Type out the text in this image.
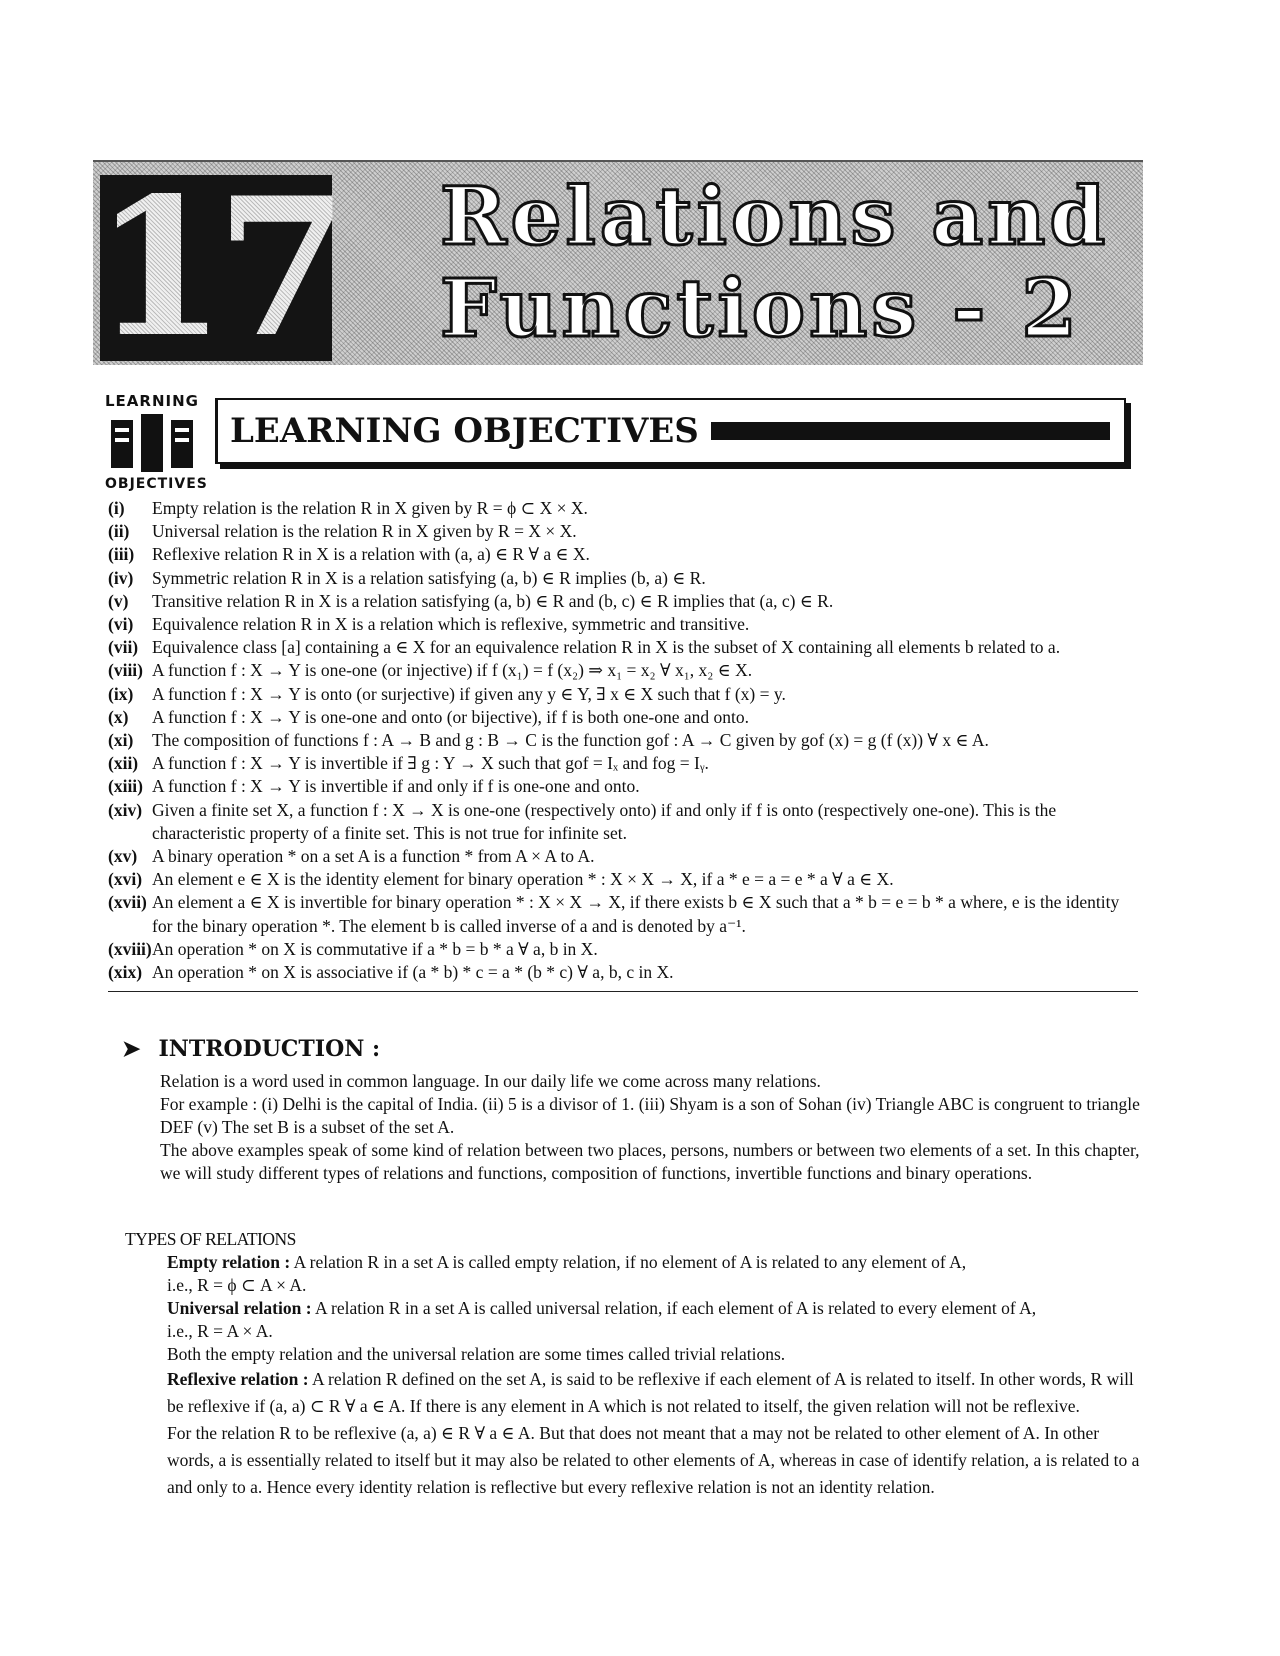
17 Relations and
Functions - 2
LEARNING
OBJECTIVES
LEARNING OBJECTIVES
(i) Empty relation is the relation R in X given by R = ϕ ⊂ X × X.
(ii) Universal relation is the relation R in X given by R = X × X.
(iii) Reflexive relation R in X is a relation with (a, a) ∈ R ∀ a ∈ X.
(iv) Symmetric relation R in X is a relation satisfying (a, b) ∈ R implies (b, a) ∈ R.
(v) Transitive relation R in X is a relation satisfying (a, b) ∈ R and (b, c) ∈ R implies that (a, c) ∈ R.
(vi) Equivalence relation R in X is a relation which is reflexive, symmetric and transitive.
(vii) Equivalence class [a] containing a ∈ X for an equivalence relation R in X is the subset of X containing all elements b related to a.
(viii) A function f : X → Y is one-one (or injective) if f (x₁) = f (x₂) ⇒ x₁ = x₂ ∀ x₁, x₂ ∈ X.
(ix) A function f : X → Y is onto (or surjective) if given any y ∈ Y, ∃ x ∈ X such that f (x) = y.
(x) A function f : X → Y is one-one and onto (or bijective), if f is both one-one and onto.
(xi) The composition of functions f : A → B and g : B → C is the function gof : A → C given by gof (x) = g (f (x)) ∀ x ∈ A.
(xii) A function f : X → Y is invertible if ∃ g : Y → X such that gof = Iₓ and fog = Iᵧ.
(xiii) A function f : X → Y is invertible if and only if f is one-one and onto.
(xiv) Given a finite set X, a function f : X → X is one-one (respectively onto) if and only if f is onto (respectively one-one). This is the characteristic property of a finite set. This is not true for infinite set.
(xv) A binary operation * on a set A is a function * from A × A to A.
(xvi) An element e ∈ X is the identity element for binary operation * : X × X → X, if a * e = a = e * a ∀ a ∈ X.
(xvii) An element a ∈ X is invertible for binary operation * : X × X → X, if there exists b ∈ X such that a * b = e = b * a where, e is the identity for the binary operation *. The element b is called inverse of a and is denoted by a⁻¹.
(xviii) An operation * on X is commutative if a * b = b * a ∀ a, b in X.
(xix) An operation * on X is associative if (a * b) * c = a * (b * c) ∀ a, b, c in X.
➤ INTRODUCTION :
Relation is a word used in common language. In our daily life we come across many relations.
For example : (i) Delhi is the capital of India. (ii) 5 is a divisor of 1. (iii) Shyam is a son of Sohan (iv) Triangle ABC is congruent to triangle DEF (v) The set B is a subset of the set A.
The above examples speak of some kind of relation between two places, persons, numbers or between two elements of a set. In this chapter, we will study different types of relations and functions, composition of functions, invertible functions and binary operations.
TYPES OF RELATIONS
Empty relation : A relation R in a set A is called empty relation, if no element of A is related to any element of A,
i.e., R = ϕ ⊂ A × A.
Universal relation : A relation R in a set A is called universal relation, if each element of A is related to every element of A,
i.e., R = A × A.
Both the empty relation and the universal relation are some times called trivial relations.
Reflexive relation : A relation R defined on the set A, is said to be reflexive if each element of A is related to itself. In other words, R will be reflexive if (a, a) ⊂ R ∀ a ∈ A. If there is any element in A which is not related to itself, the given relation will not be reflexive.
For the relation R to be reflexive (a, a) ∈ R ∀ a ∈ A. But that does not meant that a may not be related to other element of A. In other words, a is essentially related to itself but it may also be related to other elements of A, whereas in case of identify relation, a is related to a and only to a. Hence every identity relation is reflective but every reflexive relation is not an identity relation.
